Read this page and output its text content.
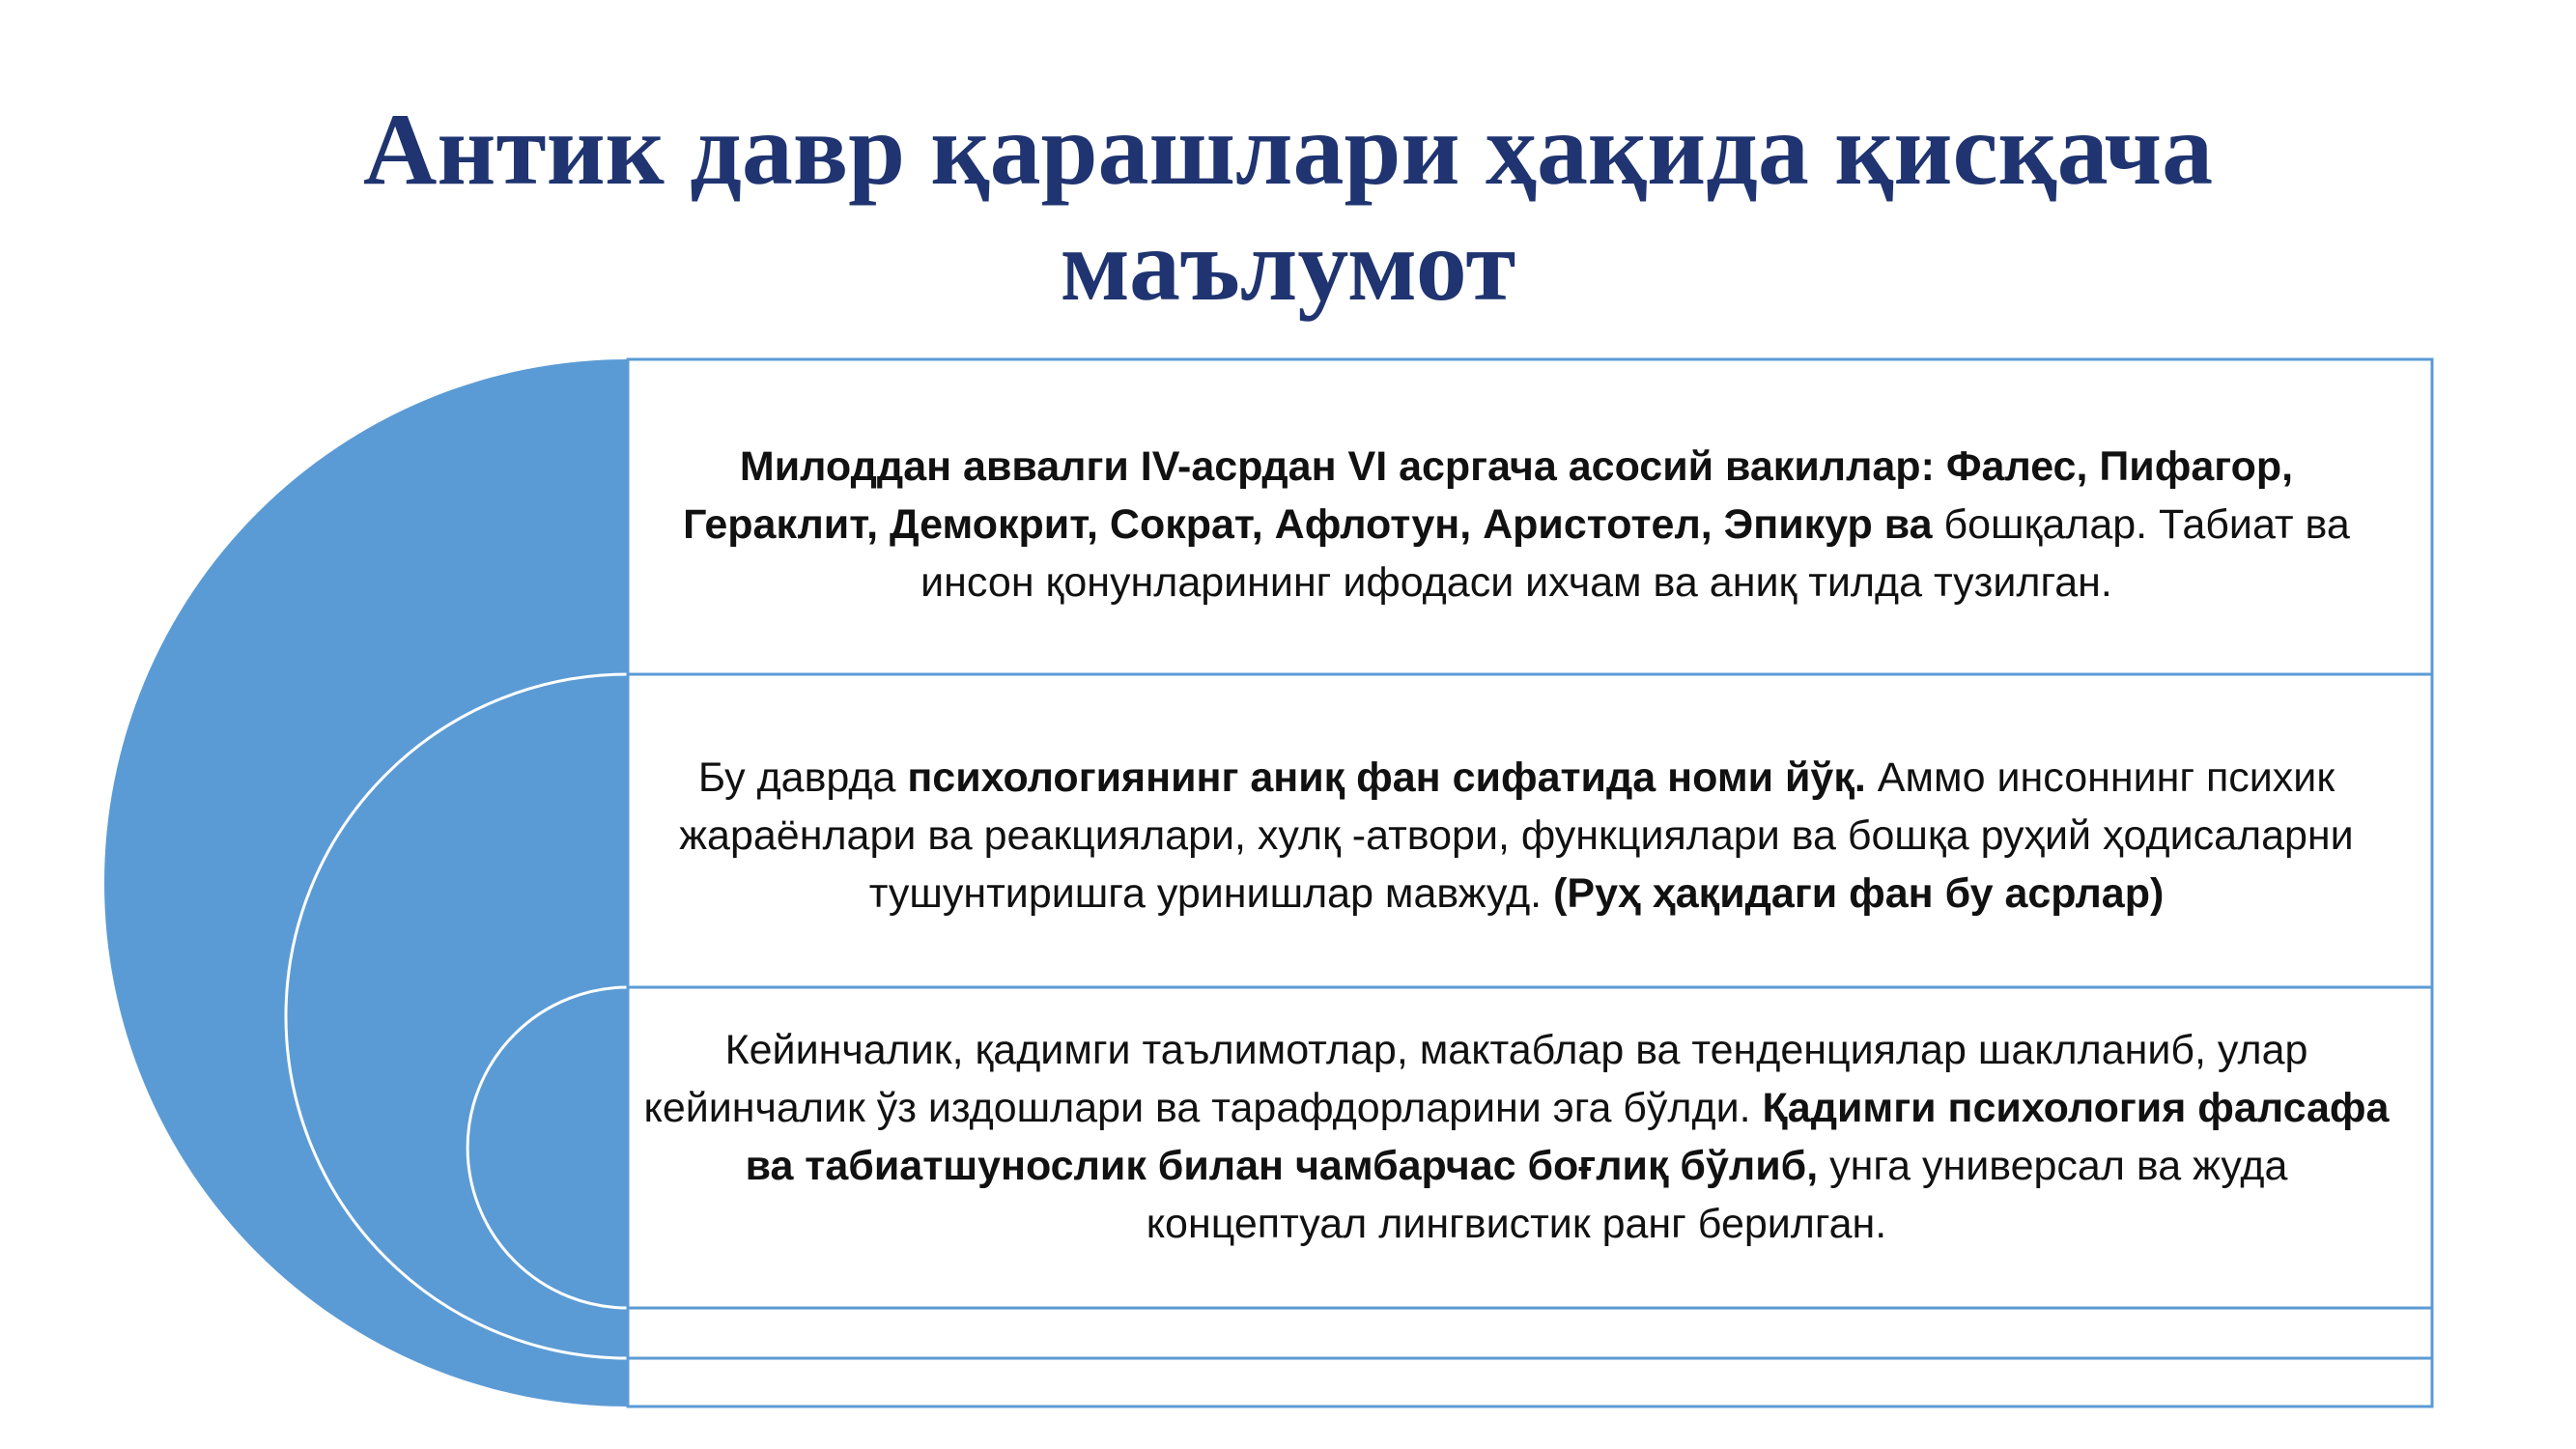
Антик давр қарашлари ҳақида қисқача
маълумот

Милоддан аввалги IV-асрдан VI асргача асосий вакиллар: Фалес, Пифагор, Гераклит, Демокрит, Сократ, Афлотун, Аристотел, Эпикур ва бошқалар. Табиат ва инсон қонунларининг ифодаси ихчам ва аниқ тилда тузилган.

Бу даврда психологиянинг аниқ фан сифатида номи йўқ. Аммо инсоннинг психик жараёнлари ва реакциялари, хулқ -атвори, функциялари ва бошқа руҳий ҳодисаларни тушунтиришга уринишлар мавжуд. (Руҳ ҳақидаги фан бу асрлар)

Кейинчалик, қадимги таълимотлар, мактаблар ва тенденциялар шаклланиб, улар кейинчалик ўз издошлари ва тарафдорларини эга бўлди. Қадимги психология фалсафа ва табиатшунослик билан чамбарчас боғлиқ бўлиб, унга универсал ва жуда концептуал лингвистик ранг берилган.
